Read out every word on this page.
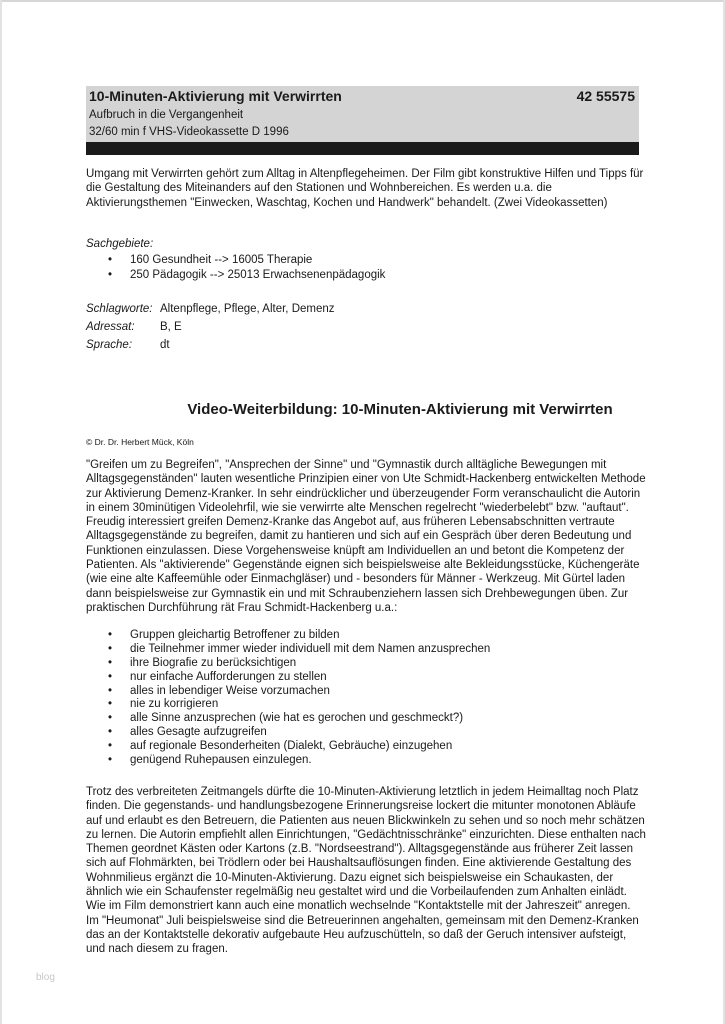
10-Minuten-Aktivierung mit Verwirrten	42 55575
Aufbruch in die Vergangenheit
32/60 min f VHS-Videokassette D 1996

Umgang mit Verwirrten gehört zum Alltag in Altenpflegeheimen. Der Film gibt konstruktive Hilfen und Tipps für die Gestaltung des Miteinanders auf den Stationen und Wohnbereichen. Es werden u.a. die Aktivierungsthemen "Einwecken, Waschtag, Kochen und Handwerk" behandelt. (Zwei Videokassetten)

Sachgebiete:
• 160 Gesundheit --> 16005 Therapie
• 250 Pädagogik --> 25013 Erwachsenenpädagogik
Schlagworte: Altenpflege, Pflege, Alter, Demenz
Adressat: B, E
Sprache: dt
Video-Weiterbildung: 10-Minuten-Aktivierung mit Verwirrten
© Dr. Dr. Herbert Mück, Köln

"Greifen um zu Begreifen", "Ansprechen der Sinne" und "Gymnastik durch alltägliche Bewegungen mit Alltagsgegenständen" lauten wesentliche Prinzipien einer von Ute Schmidt-Hackenberg entwickelten Methode zur Aktivierung Demenz-Kranker. In sehr eindrücklicher und überzeugender Form veranschaulicht die Autorin in einem 30minütigen Videolehrfil, wie sie verwirrte alte Menschen regelrecht "wiederbelebt" bzw. "auftaut". Freudig interessiert greifen Demenz-Kranke das Angebot auf, aus früheren Lebensabschnitten vertraute Alltagsgegenstände zu begreifen, damit zu hantieren und sich auf ein Gespräch über deren Bedeutung und Funktionen einzulassen. Diese Vorgehensweise knüpft am Individuellen an und betont die Kompetenz der Patienten. Als "aktivierende" Gegenstände eignen sich beispielsweise alte Bekleidungsstücke, Küchengeräte (wie eine alte Kaffeemühle oder Einmachgläser) und - besonders für Männer - Werkzeug. Mit Gürtel laden dann beispielsweise zur Gymnastik ein und mit Schraubenziehern lassen sich Drehbewegungen üben. Zur praktischen Durchführung rät Frau Schmidt-Hackenberg u.a.:

• Gruppen gleichartig Betroffener zu bilden
• die Teilnehmer immer wieder individuell mit dem Namen anzusprechen
• ihre Biografie zu berücksichtigen
• nur einfache Aufforderungen zu stellen
• alles in lebendiger Weise vorzumachen
• nie zu korrigieren
• alle Sinne anzusprechen (wie hat es gerochen und geschmeckt?)
• alles Gesagte aufzugreifen
• auf regionale Besonderheiten (Dialekt, Gebräuche) einzugehen
• genügend Ruhepausen einzulegen.

Trotz des verbreiteten Zeitmangels dürfte die 10-Minuten-Aktivierung letztlich in jedem Heimalltag noch Platz finden. Die gegenstands- und handlungsbezogene Erinnerungsreise lockert die mitunter monotonen Abläufe auf und erlaubt es den Betreuern, die Patienten aus neuen Blickwinkeln zu sehen und so noch mehr schätzen zu lernen. Die Autorin empfiehlt allen Einrichtungen, "Gedächtnisschränke" einzurichten. Diese enthalten nach Themen geordnet Kästen oder Kartons (z.B. "Nordseestrand"). Alltagsgegenstände aus früherer Zeit lassen sich auf Flohmärkten, bei Trödlern oder bei Haushaltsauflösungen finden. Eine aktivierende Gestaltung des Wohnmilieus ergänzt die 10-Minuten-Aktivierung. Dazu eignet sich beispielsweise ein Schaukasten, der ähnlich wie ein Schaufenster regelmäßig neu gestaltet wird und die Vorbeilaufenden zum Anhalten einlädt. Wie im Film demonstriert kann auch eine monatlich wechselnde "Kontaktstelle mit der Jahreszeit" anregen. Im "Heumonat" Juli beispielsweise sind die Betreuerinnen angehalten, gemeinsam mit den Demenz-Kranken das an der Kontaktstelle dekorativ aufgebaute Heu aufzuschütteln, so daß der Geruch intensiver aufsteigt, und nach diesem zu fragen.

blog
